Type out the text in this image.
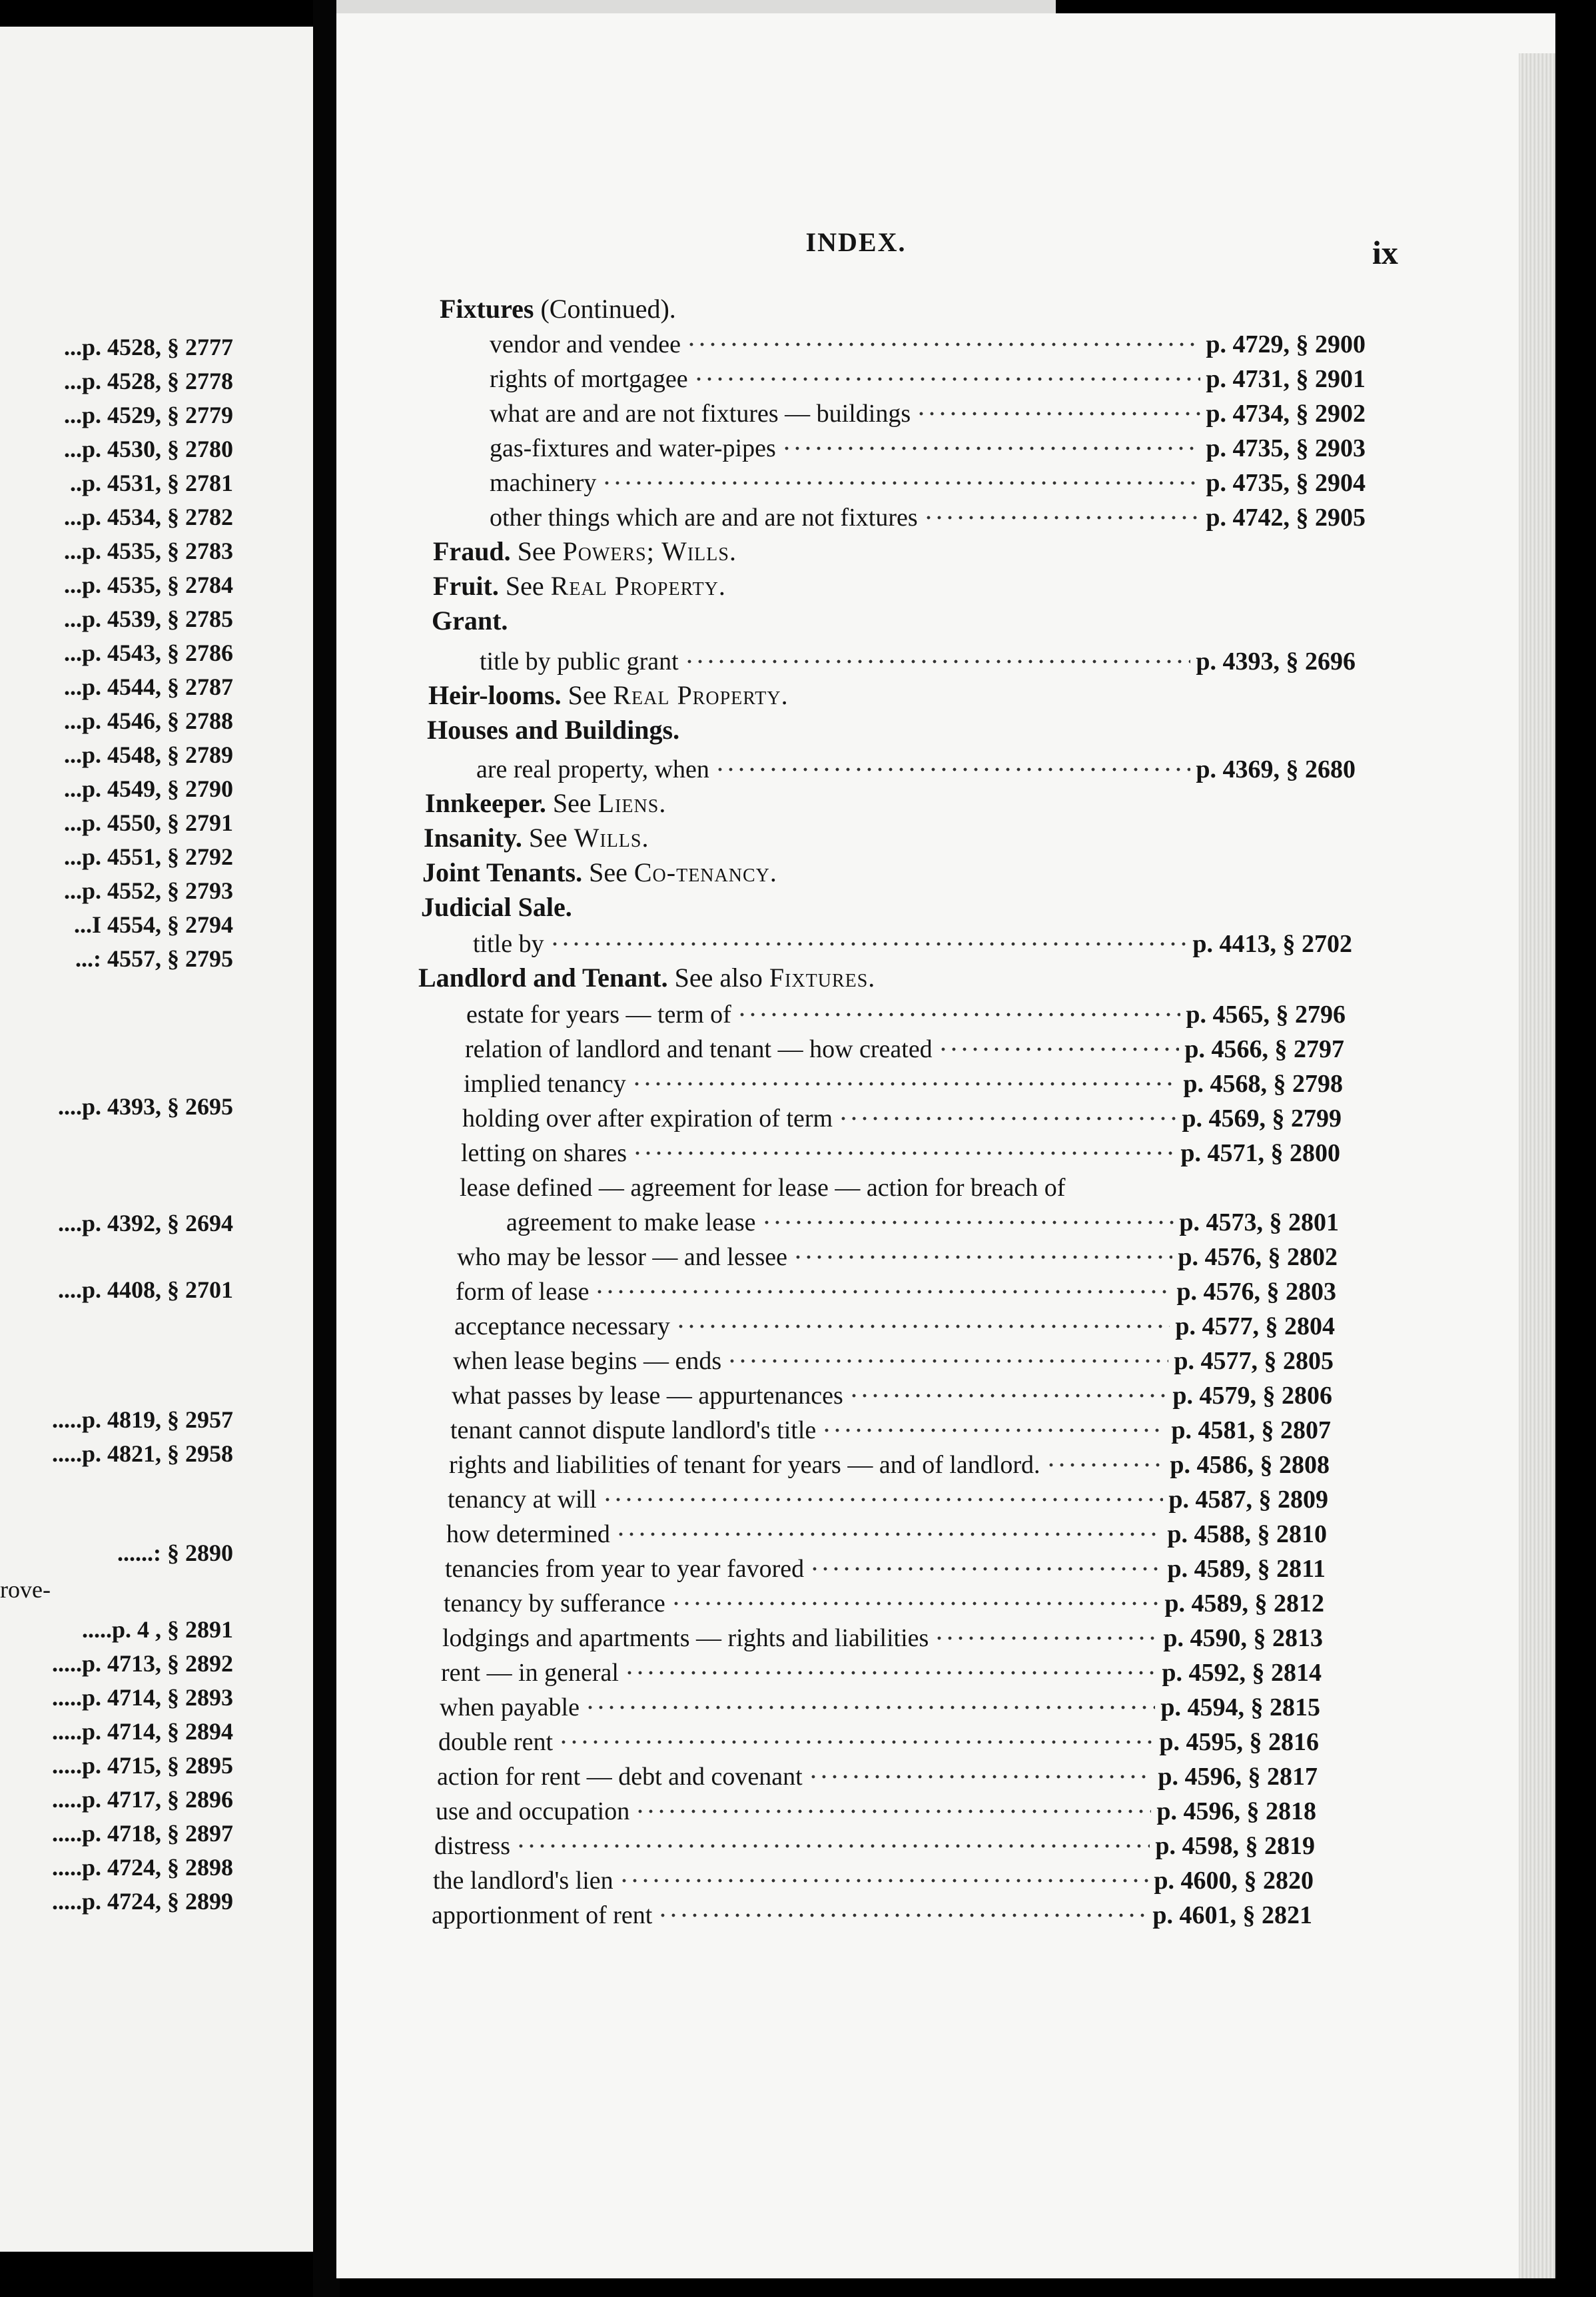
...p. 4528, § 2777
...p. 4528, § 2778
...p. 4529, § 2779
...p. 4530, § 2780
..p. 4531, § 2781
...p. 4534, § 2782
...p. 4535, § 2783
...p. 4535, § 2784
...p. 4539, § 2785
...p. 4543, § 2786
...p. 4544, § 2787
...p. 4546, § 2788
...p. 4548, § 2789
...p. 4549, § 2790
...p. 4550, § 2791
...p. 4551, § 2792
...p. 4552, § 2793
...I 4554, § 2794
...: 4557, § 2795
....p. 4393, § 2695
....p. 4392, § 2694
....p. 4408, § 2701
.....p. 4819, § 2957
.....p. 4821, § 2958
......: § 2890
rove-
.....p. 4 , § 2891
.....p. 4713, § 2892
.....p. 4714, § 2893
.....p. 4714, § 2894
.....p. 4715, § 2895
.....p. 4717, § 2896
.....p. 4718, § 2897
.....p. 4724, § 2898
.....p. 4724, § 2899
INDEX.	ix
Fixtures (Continued).
vendor and vendee	p. 4729, § 2900
rights of mortgagee	p. 4731, § 2901
what are and are not fixtures — buildings	p. 4734, § 2902
gas-fixtures and water-pipes	p. 4735, § 2903
machinery	p. 4735, § 2904
other things which are and are not fixtures	p. 4742, § 2905
Fraud. See Powers; Wills.
Fruit. See Real Property.
Grant.
title by public grant	p. 4393, § 2696
Heir-looms. See Real Property.
Houses and Buildings.
are real property, when	p. 4369, § 2680
Innkeeper. See Liens.
Insanity. See Wills.
Joint Tenants. See Co-tenancy.
Judicial Sale.
title by	p. 4413, § 2702
Landlord and Tenant. See also Fixtures.
estate for years — term of	p. 4565, § 2796
relation of landlord and tenant — how created	p. 4566, § 2797
implied tenancy	p. 4568, § 2798
holding over after expiration of term	p. 4569, § 2799
letting on shares	p. 4571, § 2800
lease defined — agreement for lease — action for breach of
agreement to make lease	p. 4573, § 2801
who may be lessor — and lessee	p. 4576, § 2802
form of lease	p. 4576, § 2803
acceptance necessary	p. 4577, § 2804
when lease begins — ends	p. 4577, § 2805
what passes by lease — appurtenances	p. 4579, § 2806
tenant cannot dispute landlord's title	p. 4581, § 2807
rights and liabilities of tenant for years — and of landlord.	p. 4586, § 2808
tenancy at will	p. 4587, § 2809
how determined	p. 4588, § 2810
tenancies from year to year favored	p. 4589, § 2811
tenancy by sufferance	p. 4589, § 2812
lodgings and apartments — rights and liabilities	p. 4590, § 2813
rent — in general	p. 4592, § 2814
when payable	p. 4594, § 2815
double rent	p. 4595, § 2816
action for rent — debt and covenant	p. 4596, § 2817
use and occupation	p. 4596, § 2818
distress	p. 4598, § 2819
the landlord's lien	p. 4600, § 2820
apportionment of rent	p. 4601, § 2821
